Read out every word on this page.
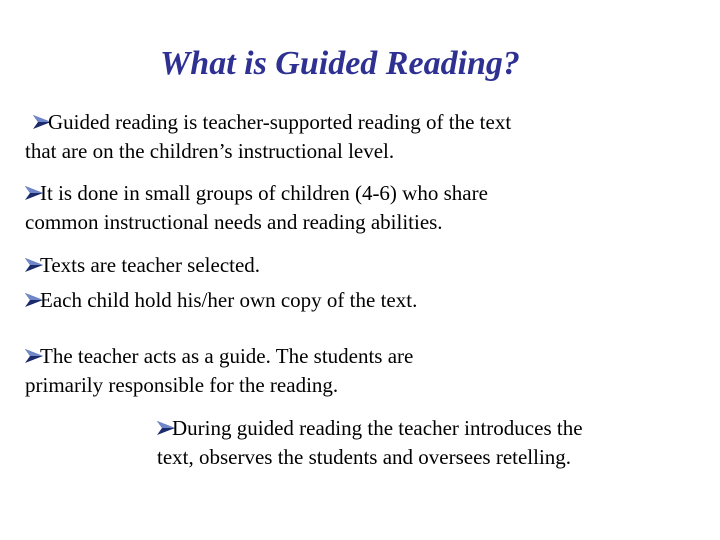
What is Guided Reading?
Guided reading is teacher-supported reading of the text
that are on the children’s instructional level.
It is done in small groups of children (4-6) who share
common instructional needs and reading abilities.
Texts are teacher selected.
Each child hold his/her own copy of the text.
The teacher acts as a guide. The students are
primarily responsible for the reading.
During guided reading the teacher introduces the
text, observes the students and oversees retelling.
